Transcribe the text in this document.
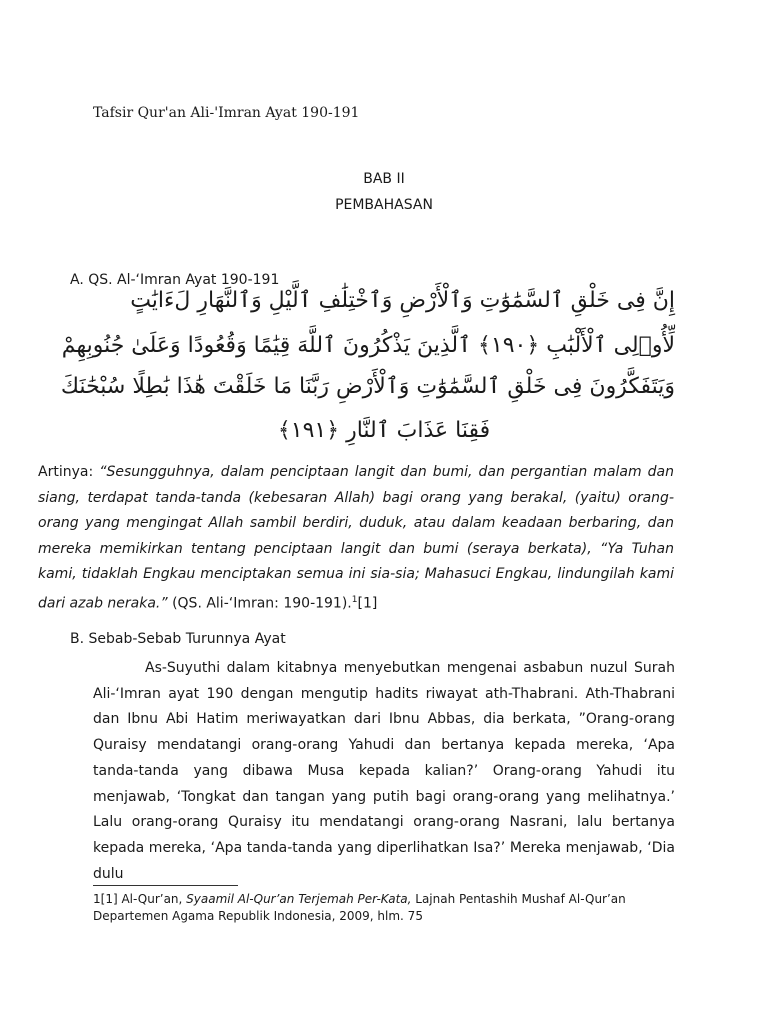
Tafsir Qur'an Ali-'Imran Ayat 190-191
BAB II
PEMBAHASAN
A. QS. Al-‘Imran Ayat 190-191
إِنَّ فِى خَلْقِ ٱلسَّمَٰوَٰتِ وَٱلْأَرْضِ وَٱخْتِلَٰفِ ٱلَّيْلِ وَٱلنَّهَارِ لَءَايَٰتٍ
لِّأُو۟لِى ٱلْأَلْبَٰبِ ﴿١٩٠﴾ ٱلَّذِينَ يَذْكُرُونَ ٱللَّهَ قِيَٰمًا وَقُعُودًا وَعَلَىٰ جُنُوبِهِمْ
وَيَتَفَكَّرُونَ فِى خَلْقِ ٱلسَّمَٰوَٰتِ وَٱلْأَرْضِ رَبَّنَا مَا خَلَقْتَ هَٰذَا بَٰطِلًا سُبْحَٰنَكَ
فَقِنَا عَذَابَ ٱلنَّارِ ﴿١٩١﴾
Artinya: “Sesungguhnya, dalam penciptaan langit dan bumi, dan pergantian malam dan siang, terdapat tanda-tanda (kebesaran Allah) bagi orang yang berakal, (yaitu) orang-orang yang mengingat Allah sambil berdiri, duduk, atau dalam keadaan berbaring, dan mereka memikirkan tentang penciptaan langit dan bumi (seraya berkata), “Ya Tuhan kami, tidaklah Engkau menciptakan semua ini sia-sia; Mahasuci Engkau, lindungilah kami dari azab neraka.” (QS. Ali-‘Imran: 190-191).$^1$[1]
B. Sebab-Sebab Turunnya Ayat
As-Suyuthi dalam kitabnya menyebutkan mengenai asbabun nuzul Surah Ali-‘Imran ayat 190 dengan mengutip hadits riwayat ath-Thabrani. Ath-Thabrani dan Ibnu Abi Hatim meriwayatkan dari Ibnu Abbas, dia berkata, ”Orang-orang Quraisy mendatangi orang-orang Yahudi dan bertanya kepada mereka, ‘Apa tanda-tanda yang dibawa Musa kepada kalian?’ Orang-orang Yahudi itu menjawab, ‘Tongkat dan tangan yang putih bagi orang-orang yang melihatnya.’ Lalu orang-orang Quraisy itu mendatangi orang-orang Nasrani, lalu bertanya kepada mereka, ‘Apa tanda-tanda yang diperlihatkan Isa?’ Mereka menjawab, ‘Dia dulu
1[1] Al-Qur’an, Syaamil Al-Qur’an Terjemah Per-Kata, Lajnah Pentashih Mushaf Al-Qur’an Departemen Agama Republik Indonesia, 2009, hlm. 75
